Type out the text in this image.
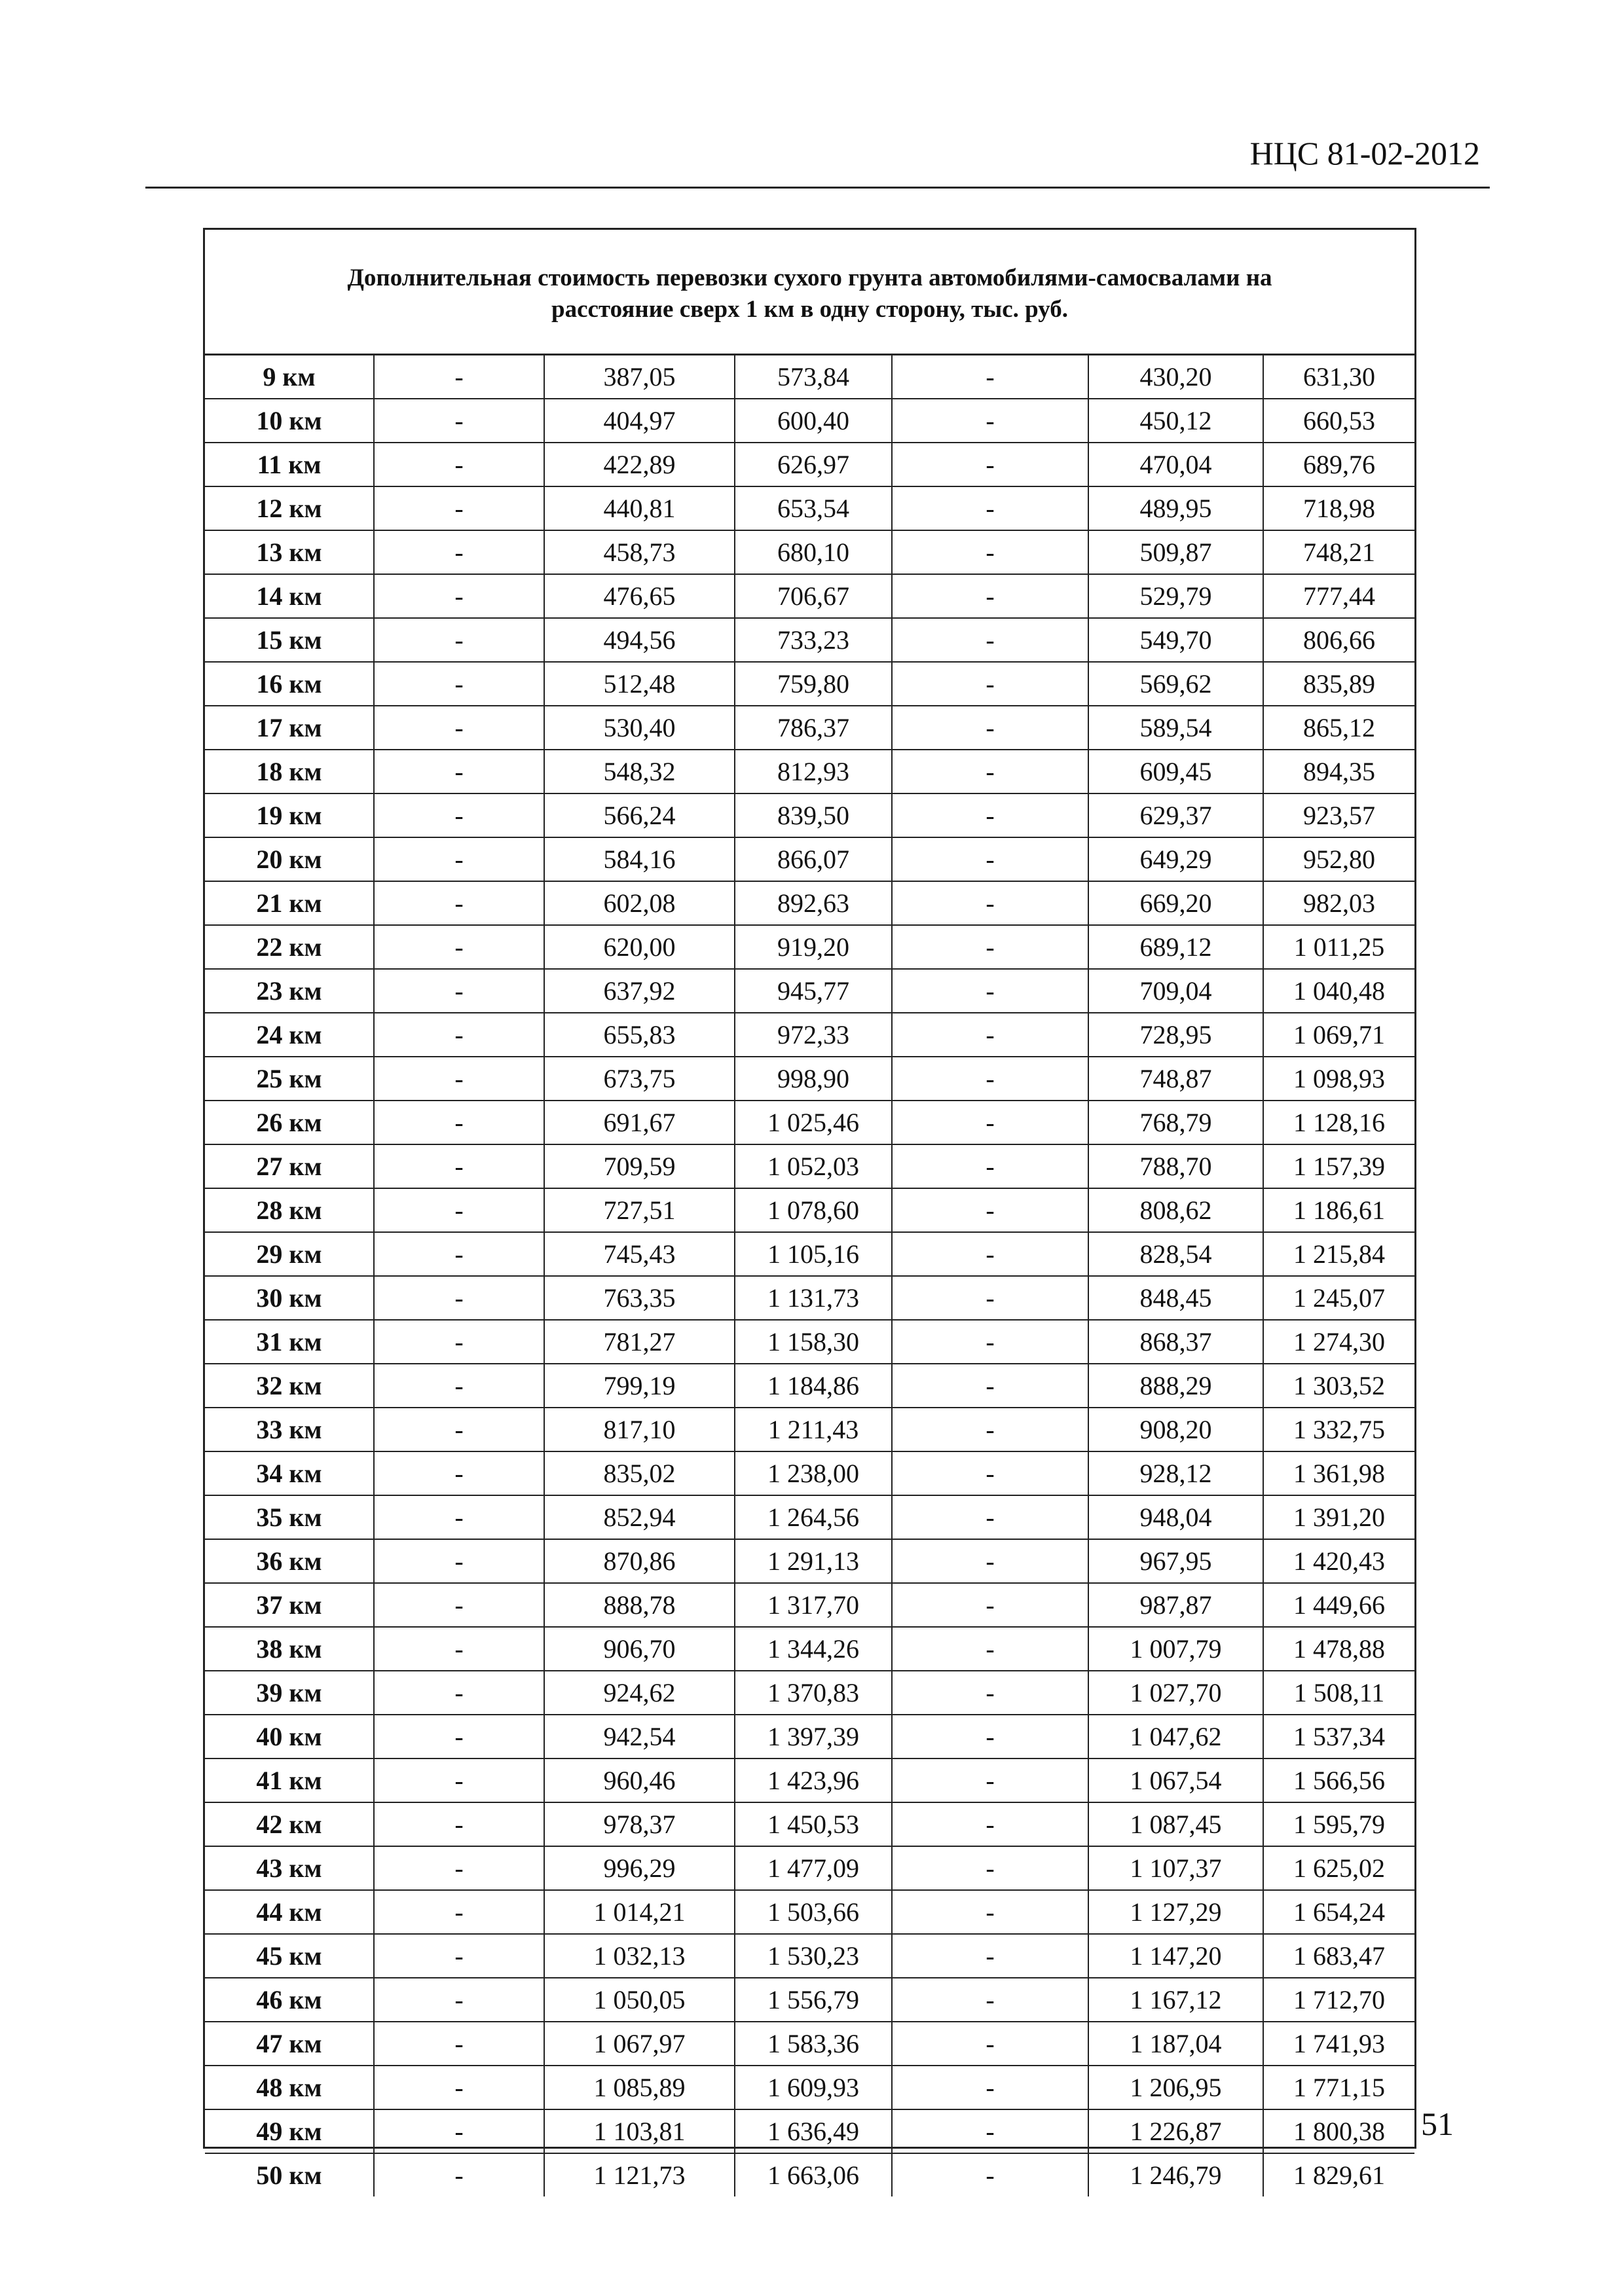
НЦС 81-02-2012
Дополнительная стоимость перевозки сухого грунта автомобилями-самосвалами на
расстояние сверх 1 км в одну сторону, тыс. руб.
9 км	-	387,05	573,84	-	430,20	631,30
10 км	-	404,97	600,40	-	450,12	660,53
11 км	-	422,89	626,97	-	470,04	689,76
12 км	-	440,81	653,54	-	489,95	718,98
13 км	-	458,73	680,10	-	509,87	748,21
14 км	-	476,65	706,67	-	529,79	777,44
15 км	-	494,56	733,23	-	549,70	806,66
16 км	-	512,48	759,80	-	569,62	835,89
17 км	-	530,40	786,37	-	589,54	865,12
18 км	-	548,32	812,93	-	609,45	894,35
19 км	-	566,24	839,50	-	629,37	923,57
20 км	-	584,16	866,07	-	649,29	952,80
21 км	-	602,08	892,63	-	669,20	982,03
22 км	-	620,00	919,20	-	689,12	1 011,25
23 км	-	637,92	945,77	-	709,04	1 040,48
24 км	-	655,83	972,33	-	728,95	1 069,71
25 км	-	673,75	998,90	-	748,87	1 098,93
26 км	-	691,67	1 025,46	-	768,79	1 128,16
27 км	-	709,59	1 052,03	-	788,70	1 157,39
28 км	-	727,51	1 078,60	-	808,62	1 186,61
29 км	-	745,43	1 105,16	-	828,54	1 215,84
30 км	-	763,35	1 131,73	-	848,45	1 245,07
31 км	-	781,27	1 158,30	-	868,37	1 274,30
32 км	-	799,19	1 184,86	-	888,29	1 303,52
33 км	-	817,10	1 211,43	-	908,20	1 332,75
34 км	-	835,02	1 238,00	-	928,12	1 361,98
35 км	-	852,94	1 264,56	-	948,04	1 391,20
36 км	-	870,86	1 291,13	-	967,95	1 420,43
37 км	-	888,78	1 317,70	-	987,87	1 449,66
38 км	-	906,70	1 344,26	-	1 007,79	1 478,88
39 км	-	924,62	1 370,83	-	1 027,70	1 508,11
40 км	-	942,54	1 397,39	-	1 047,62	1 537,34
41 км	-	960,46	1 423,96	-	1 067,54	1 566,56
42 км	-	978,37	1 450,53	-	1 087,45	1 595,79
43 км	-	996,29	1 477,09	-	1 107,37	1 625,02
44 км	-	1 014,21	1 503,66	-	1 127,29	1 654,24
45 км	-	1 032,13	1 530,23	-	1 147,20	1 683,47
46 км	-	1 050,05	1 556,79	-	1 167,12	1 712,70
47 км	-	1 067,97	1 583,36	-	1 187,04	1 741,93
48 км	-	1 085,89	1 609,93	-	1 206,95	1 771,15
49 км	-	1 103,81	1 636,49	-	1 226,87	1 800,38
50 км	-	1 121,73	1 663,06	-	1 246,79	1 829,61
51
